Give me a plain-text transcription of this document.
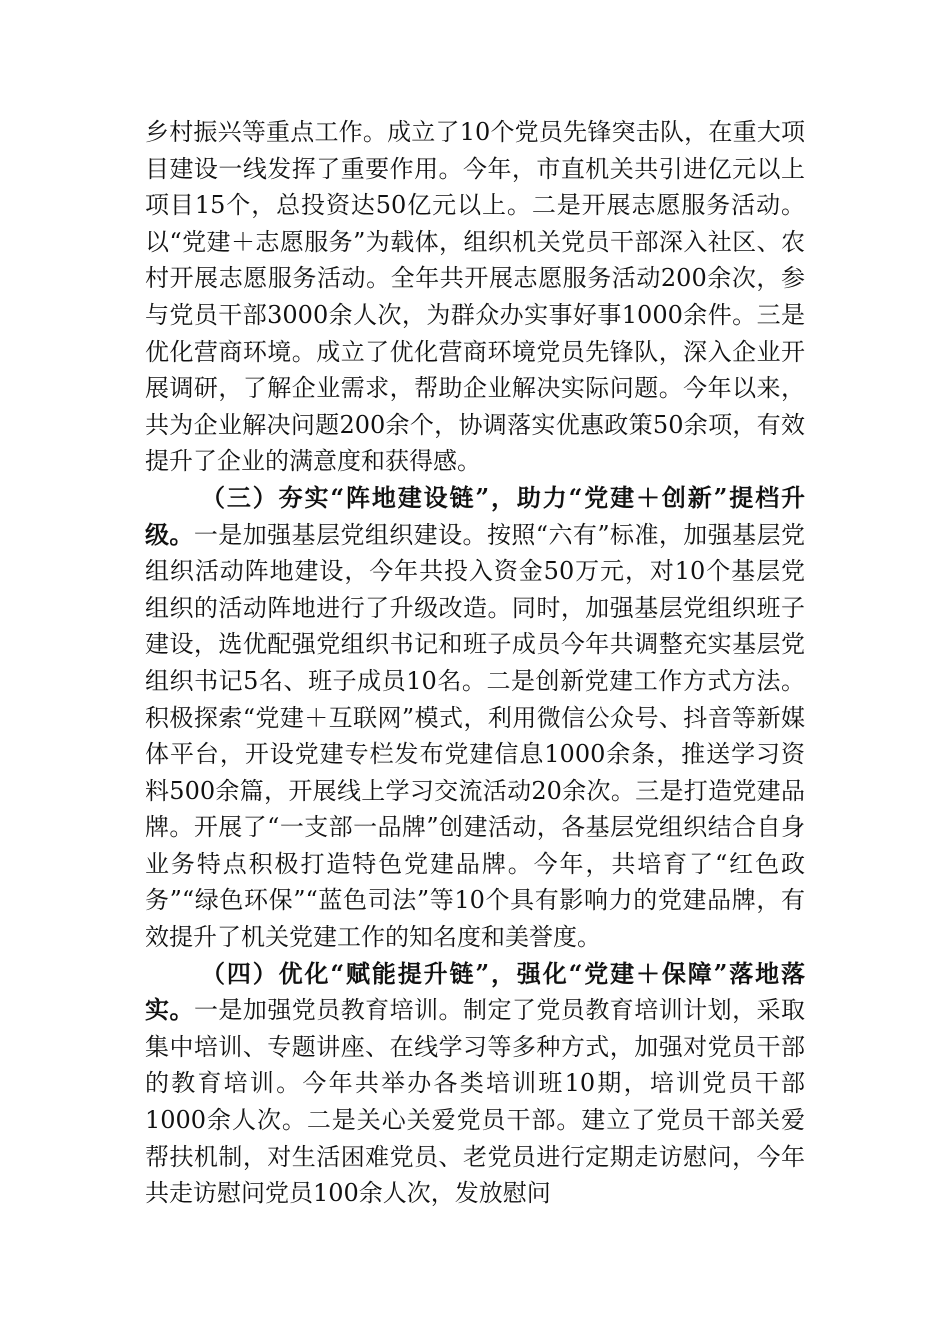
乡村振兴等重点工作。成立了10个党员先锋突击队，在重大项目建设一线发挥了重要作用。今年，市直机关共引进亿元以上项目15个，总投资达50亿元以上。二是开展志愿服务活动。以“党建＋志愿服务”为载体，组织机关党员干部深入社区、农村开展志愿服务活动。全年共开展志愿服务活动200余次，参与党员干部3000余人次，为群众办实事好事1000余件。三是优化营商环境。成立了优化营商环境党员先锋队，深入企业开展调研，了解企业需求，帮助企业解决实际问题。今年以来，共为企业解决问题200余个，协调落实优惠政策50余项，有效提升了企业的满意度和获得感。

（三）夯实“阵地建设链”，助力“党建＋创新”提档升级。一是加强基层党组织建设。按照“六有”标准，加强基层党组织活动阵地建设，今年共投入资金50万元，对10个基层党组织的活动阵地进行了升级改造。同时，加强基层党组织班子建设，选优配强党组织书记和班子成员今年共调整充实基层党组织书记5名、班子成员10名。二是创新党建工作方式方法。积极探索“党建＋互联网”模式，利用微信公众号、抖音等新媒体平台，开设党建专栏发布党建信息1000余条，推送学习资料500余篇，开展线上学习交流活动20余次。三是打造党建品牌。开展了“一支部一品牌”创建活动，各基层党组织结合自身业务特点积极打造特色党建品牌。今年，共培育了“红色政务”“绿色环保”“蓝色司法”等10个具有影响力的党建品牌，有效提升了机关党建工作的知名度和美誉度。

（四）优化“赋能提升链”，强化“党建＋保障”落地落实。一是加强党员教育培训。制定了党员教育培训计划，采取集中培训、专题讲座、在线学习等多种方式，加强对党员干部的教育培训。今年共举办各类培训班10期，培训党员干部1000余人次。二是关心关爱党员干部。建立了党员干部关爱帮扶机制，对生活困难党员、老党员进行定期走访慰问，今年共走访慰问党员100余人次，发放慰问
